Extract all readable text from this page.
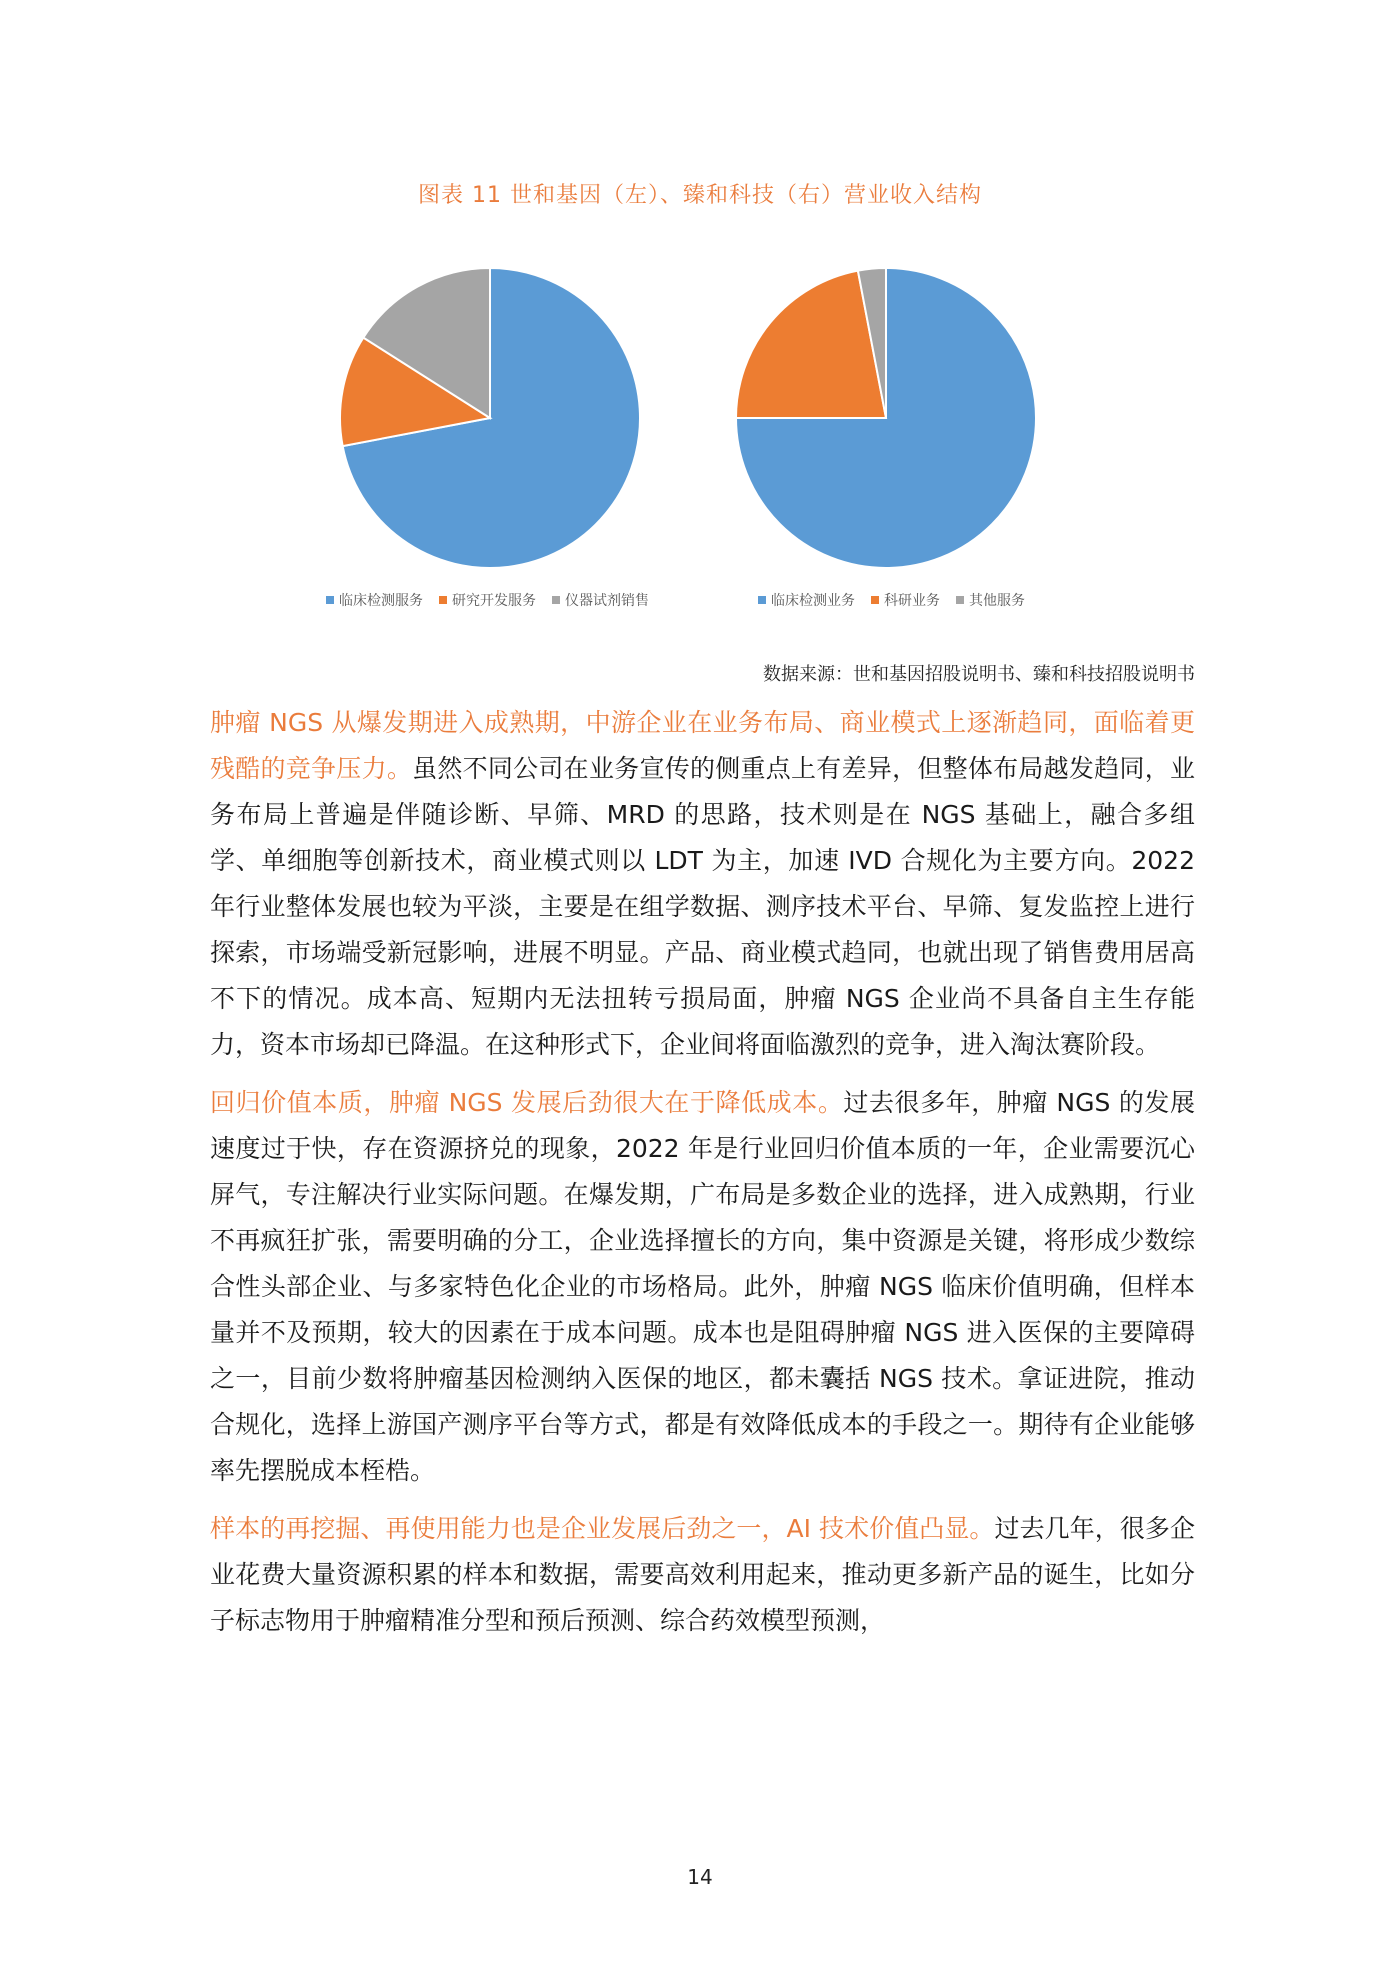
图表 11 世和基因（左）、臻和科技（右）营业收入结构
临床检测服务 研究开发服务 仪器试剂销售	临床检测业务 科研业务 其他服务
数据来源：世和基因招股说明书、臻和科技招股说明书

肿瘤 NGS 从爆发期进入成熟期，中游企业在业务布局、商业模式上逐渐趋同，面临着更残酷的竞争压力。虽然不同公司在业务宣传的侧重点上有差异，但整体布局越发趋同，业务布局上普遍是伴随诊断、早筛、MRD 的思路，技术则是在 NGS 基础上，融合多组学、单细胞等创新技术，商业模式则以 LDT 为主，加速 IVD 合规化为主要方向。2022 年行业整体发展也较为平淡，主要是在组学数据、测序技术平台、早筛、复发监控上进行探索，市场端受新冠影响，进展不明显。产品、商业模式趋同，也就出现了销售费用居高不下的情况。成本高、短期内无法扭转亏损局面，肿瘤 NGS 企业尚不具备自主生存能力，资本市场却已降温。在这种形式下，企业间将面临激烈的竞争，进入淘汰赛阶段。

回归价值本质，肿瘤 NGS 发展后劲很大在于降低成本。过去很多年，肿瘤 NGS 的发展速度过于快，存在资源挤兑的现象，2022 年是行业回归价值本质的一年，企业需要沉心屏气，专注解决行业实际问题。在爆发期，广布局是多数企业的选择，进入成熟期，行业不再疯狂扩张，需要明确的分工，企业选择擅长的方向，集中资源是关键，将形成少数综合性头部企业、与多家特色化企业的市场格局。此外，肿瘤 NGS 临床价值明确，但样本量并不及预期，较大的因素在于成本问题。成本也是阻碍肿瘤 NGS 进入医保的主要障碍之一，目前少数将肿瘤基因检测纳入医保的地区，都未囊括 NGS 技术。拿证进院，推动合规化，选择上游国产测序平台等方式，都是有效降低成本的手段之一。期待有企业能够率先摆脱成本桎梏。

样本的再挖掘、再使用能力也是企业发展后劲之一，AI 技术价值凸显。过去几年，很多企业花费大量资源积累的样本和数据，需要高效利用起来，推动更多新产品的诞生，比如分子标志物用于肿瘤精准分型和预后预测、综合药效模型预测，

14
